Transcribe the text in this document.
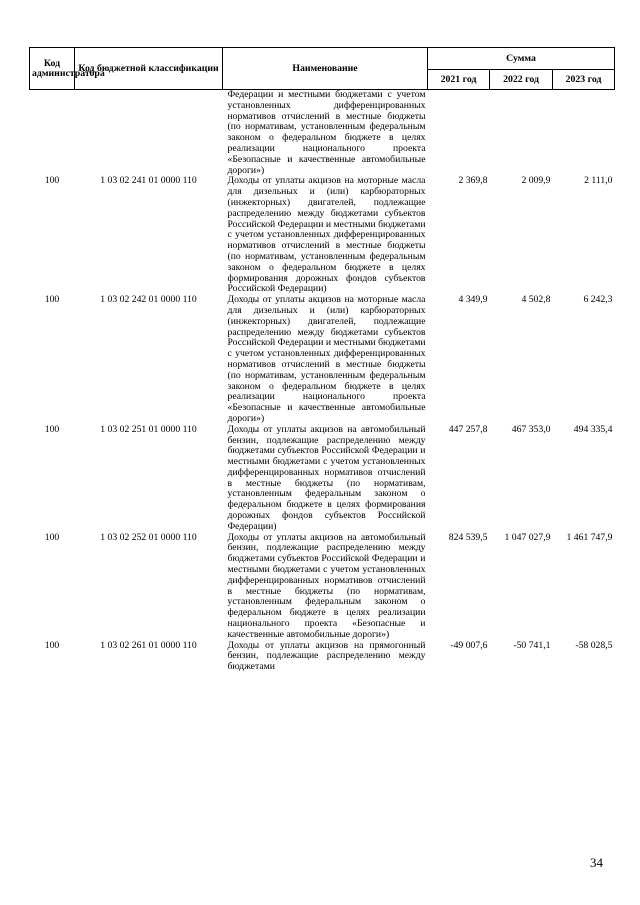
Код администратора	Код бюджетной классификации	Наименование	Сумма		
			2021 год	2022 год	2023 год
		Федерации и местными бюджетами с учетом установленных дифференцированных нормативов отчислений в местные бюджеты (по нормативам, установленным федеральным законом о федеральном бюджете в целях реализации национального проекта «Безопасные и качественные автомобильные дороги»)			
100	1 03 02 241 01 0000 110	Доходы от уплаты акцизов на моторные масла для дизельных и (или) карбюраторных (инжекторных) двигателей, подлежащие распределению между бюджетами субъектов Российской Федерации и местными бюджетами с учетом установленных дифференцированных нормативов отчислений в местные бюджеты (по нормативам, установленным федеральным законом о федеральном бюджете в целях формирования дорожных фондов субъектов Российской Федерации)	2 369,8	2 009,9	2 111,0
100	1 03 02 242 01 0000 110	Доходы от уплаты акцизов на моторные масла для дизельных и (или) карбюраторных (инжекторных) двигателей, подлежащие распределению между бюджетами субъектов Российской Федерации и местными бюджетами с учетом установленных дифференцированных нормативов отчислений в местные бюджеты (по нормативам, установленным федеральным законом о федеральном бюджете в целях реализации национального проекта «Безопасные и качественные автомобильные дороги»)	4 349,9	4 502,8	6 242,3
100	1 03 02 251 01 0000 110	Доходы от уплаты акцизов на автомобильный бензин, подлежащие распределению между бюджетами субъектов Российской Федерации и местными бюджетами с учетом установленных дифференцированных нормативов отчислений в местные бюджеты (по нормативам, установленным федеральным законом о федеральном бюджете в целях формирования дорожных фондов субъектов Российской Федерации)	447 257,8	467 353,0	494 335,4
100	1 03 02 252 01 0000 110	Доходы от уплаты акцизов на автомобильный бензин, подлежащие распределению между бюджетами субъектов Российской Федерации и местными бюджетами с учетом установленных дифференцированных нормативов отчислений в местные бюджеты (по нормативам, установленным федеральным законом о федеральном бюджете в целях реализации национального проекта «Безопасные и качественные автомобильные дороги»)	824 539,5	1 047 027,9	1 461 747,9
100	1 03 02 261 01 0000 110	Доходы от уплаты акцизов на прямогонный бензин, подлежащие распределению между бюджетами	-49 007,6	-50 741,1	-58 028,5
34
